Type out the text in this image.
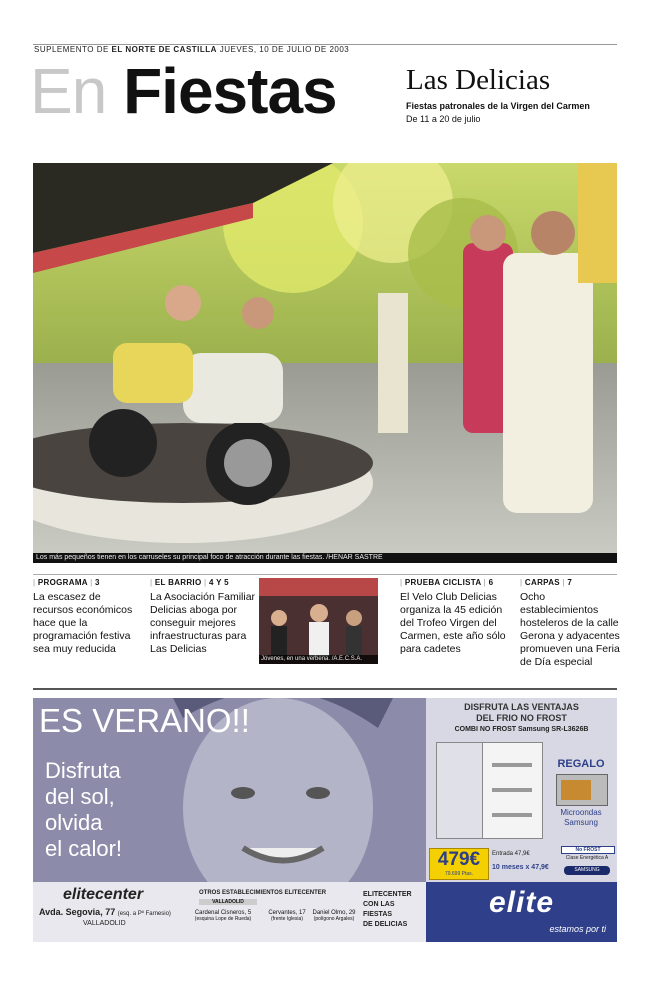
SUPLEMENTO DE EL NORTE DE CASTILLA JUEVES, 10 DE JULIO DE 2003
En Fiestas Las Delicias
Fiestas patronales de la Virgen del Carmen
De 11 a 20 de julio
Los más pequeños tienen en los carruseles su principal foco de atracción durante las fiestas. /HENAR SASTRE
| PROGRAMA | 3
La escasez de recursos económicos hace que la programación festiva sea muy reducida
| EL BARRIO | 4 Y 5
La Asociación Familiar Delicias aboga por conseguir mejores infraestructuras para Las Delicias
Jóvenes, en una verbena. /A.E.C.S.A.
| PRUEBA CICLISTA | 6
El Velo Club Delicias organiza la 45 edición del Trofeo Virgen del Carmen, este año sólo para cadetes
| CARPAS | 7
Ocho establecimientos hosteleros de la calle Gerona y adyacentes promueven una Feria de Día especial
ES VERANO!!
Disfruta
del sol,
olvida
el calor!
DISFRUTA LAS VENTAJAS
DEL FRIO NO FROST
COMBI NO FROST Samsung SR-L3626B
REGALO
Microondas
Samsung
479€
79.699 Ptas.
Entrada 47,9€
10 meses x 47,9€
No FROST
Clase Energética A
SAMSUNG
elitecenter
Avda. Segovia, 77 (esq. a Pº Farnesio)
VALLADOLID
OTROS ESTABLECIMIENTOS ELITECENTER
VALLADOLID
Cardenal Cisneros, 5
(esquina Lope de Rueda)
Cervantes, 17
(frente Iglesia)
Daniel Olmo, 29
(polígono Argales)
ELITECENTER
CON LAS FIESTAS
DE DELICIAS
elite
estamos por ti
